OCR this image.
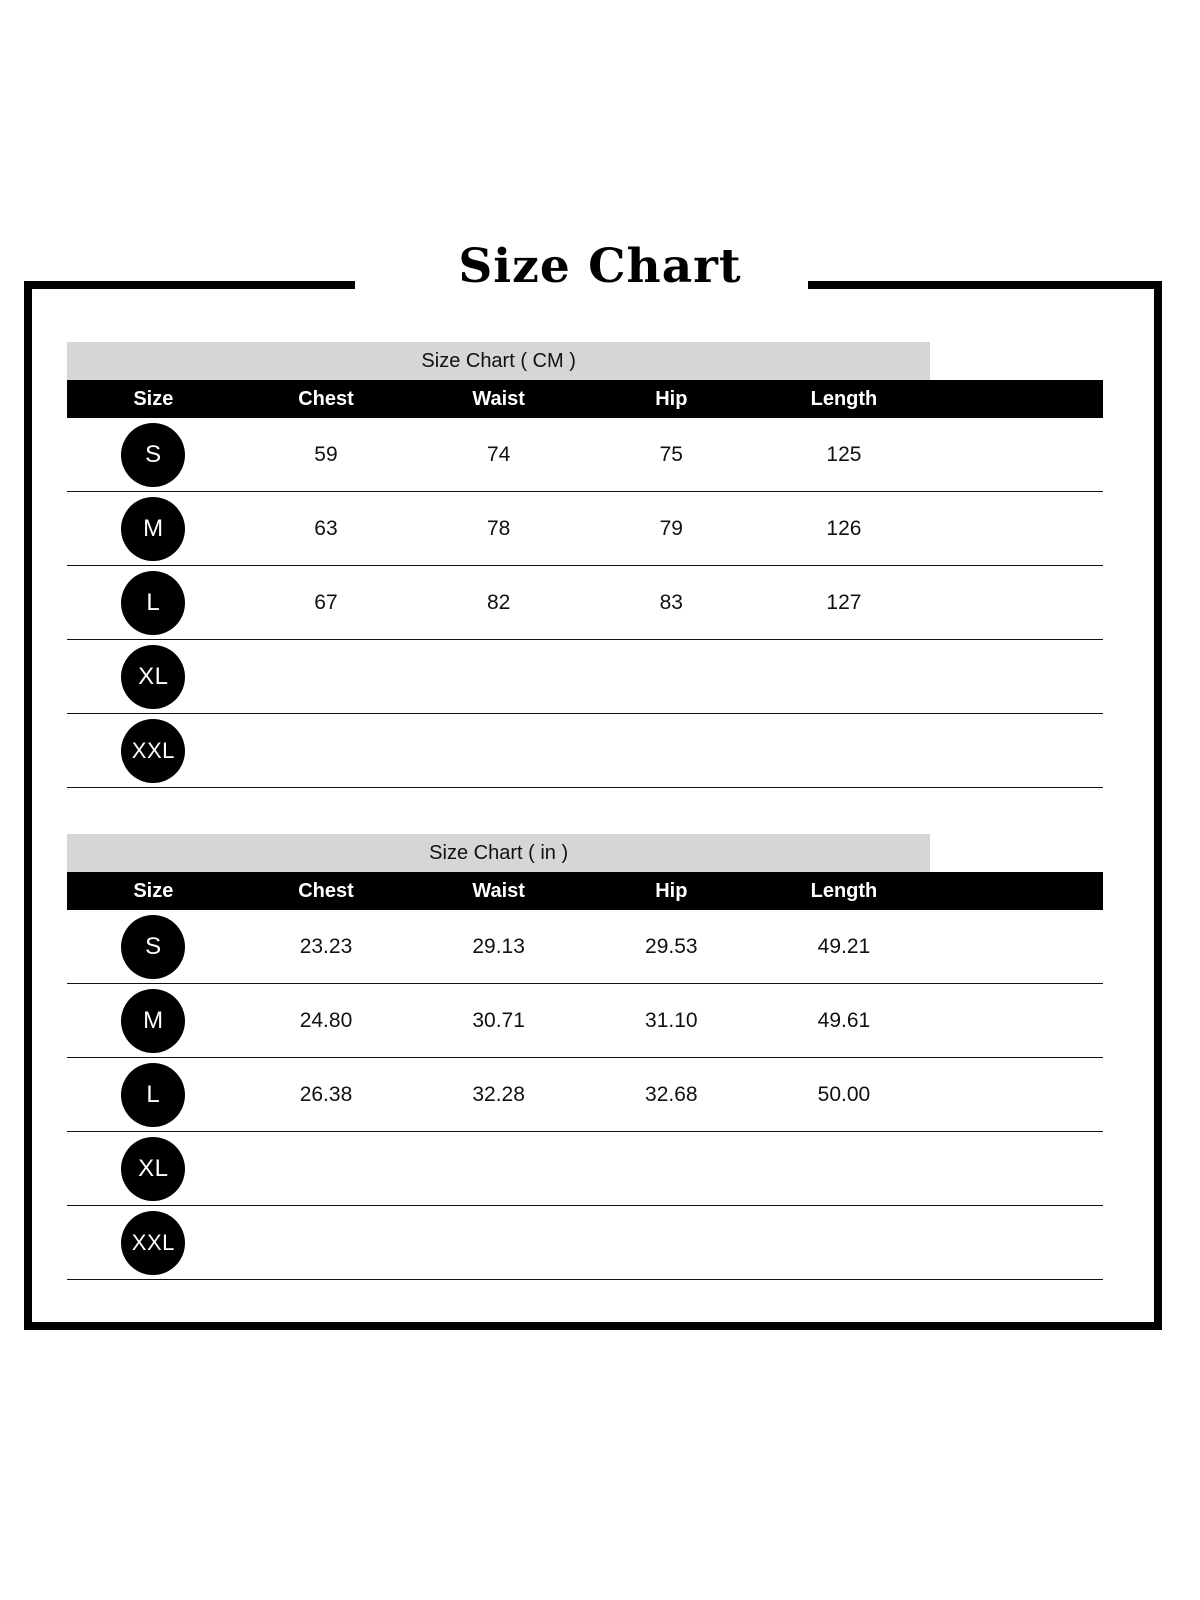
Size Chart
Size Chart ( CM )					
Size	Chest	Waist	Hip	Length	
S	59	74	75	125	
M	63	78	79	126	
L	67	82	83	127	
XL					
XXL					
Size Chart ( in )					
Size	Chest	Waist	Hip	Length	
S	23.23	29.13	29.53	49.21	
M	24.80	30.71	31.10	49.61	
L	26.38	32.28	32.68	50.00	
XL					
XXL					
